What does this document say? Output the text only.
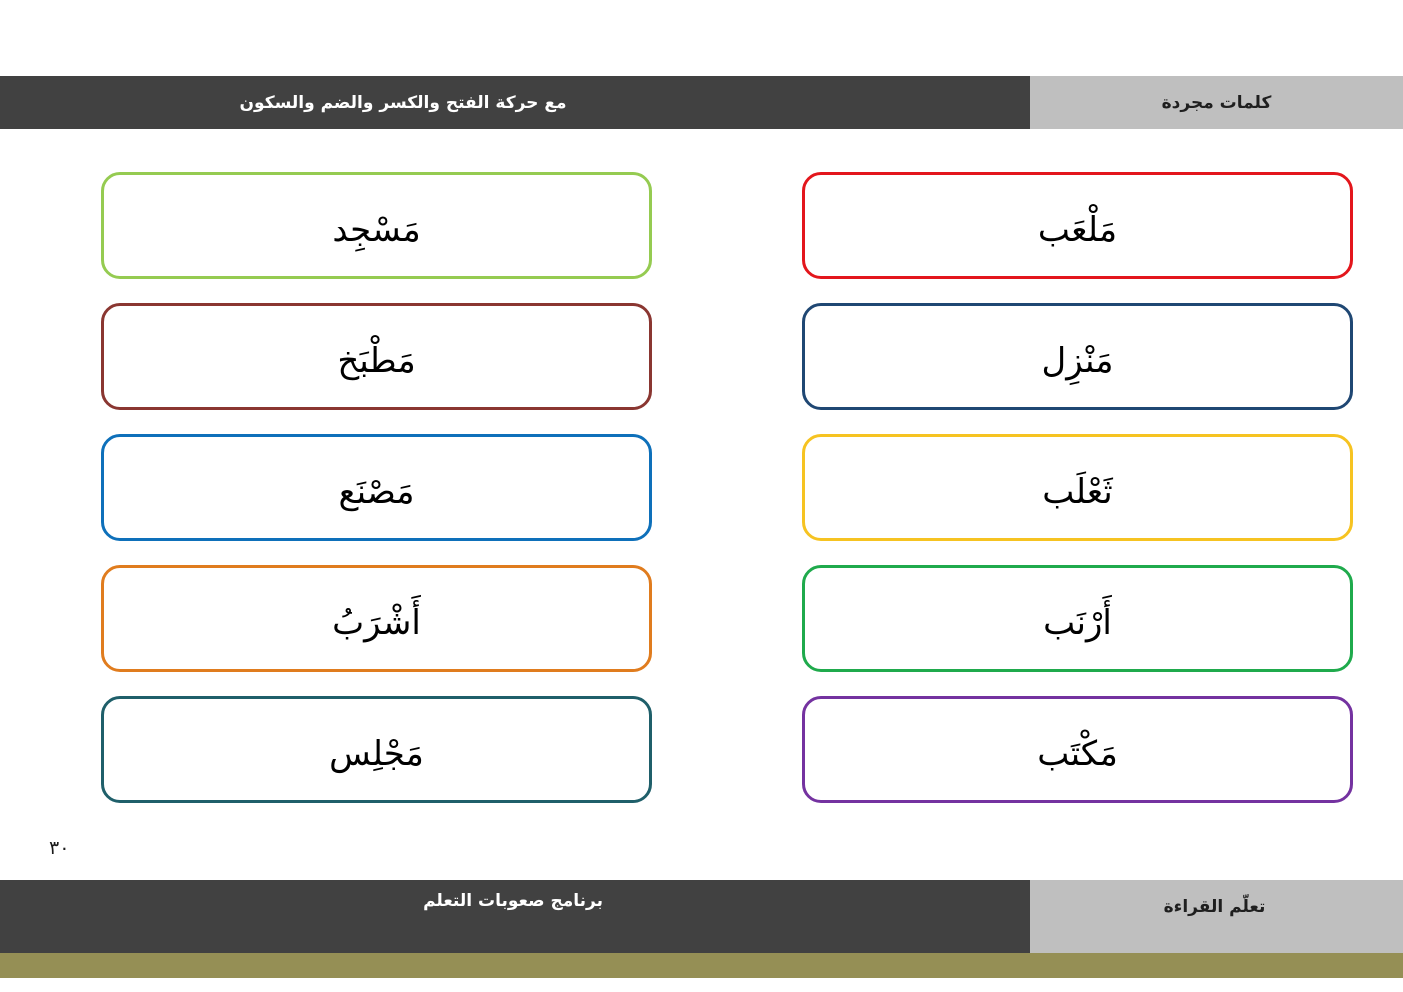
مع حركة الفتح والكسر والضم والسكون	كلمات مجردة
مَلْعَب
مَسْجِد
مَنْزِل
مَطْبَخ
ثَعْلَب
مَصْنَع
أَرْنَب
أَشْرَبُ
مَكْتَب
مَجْلِس
٣٠
برنامج صعوبات التعلم	تعلّم القراءة
